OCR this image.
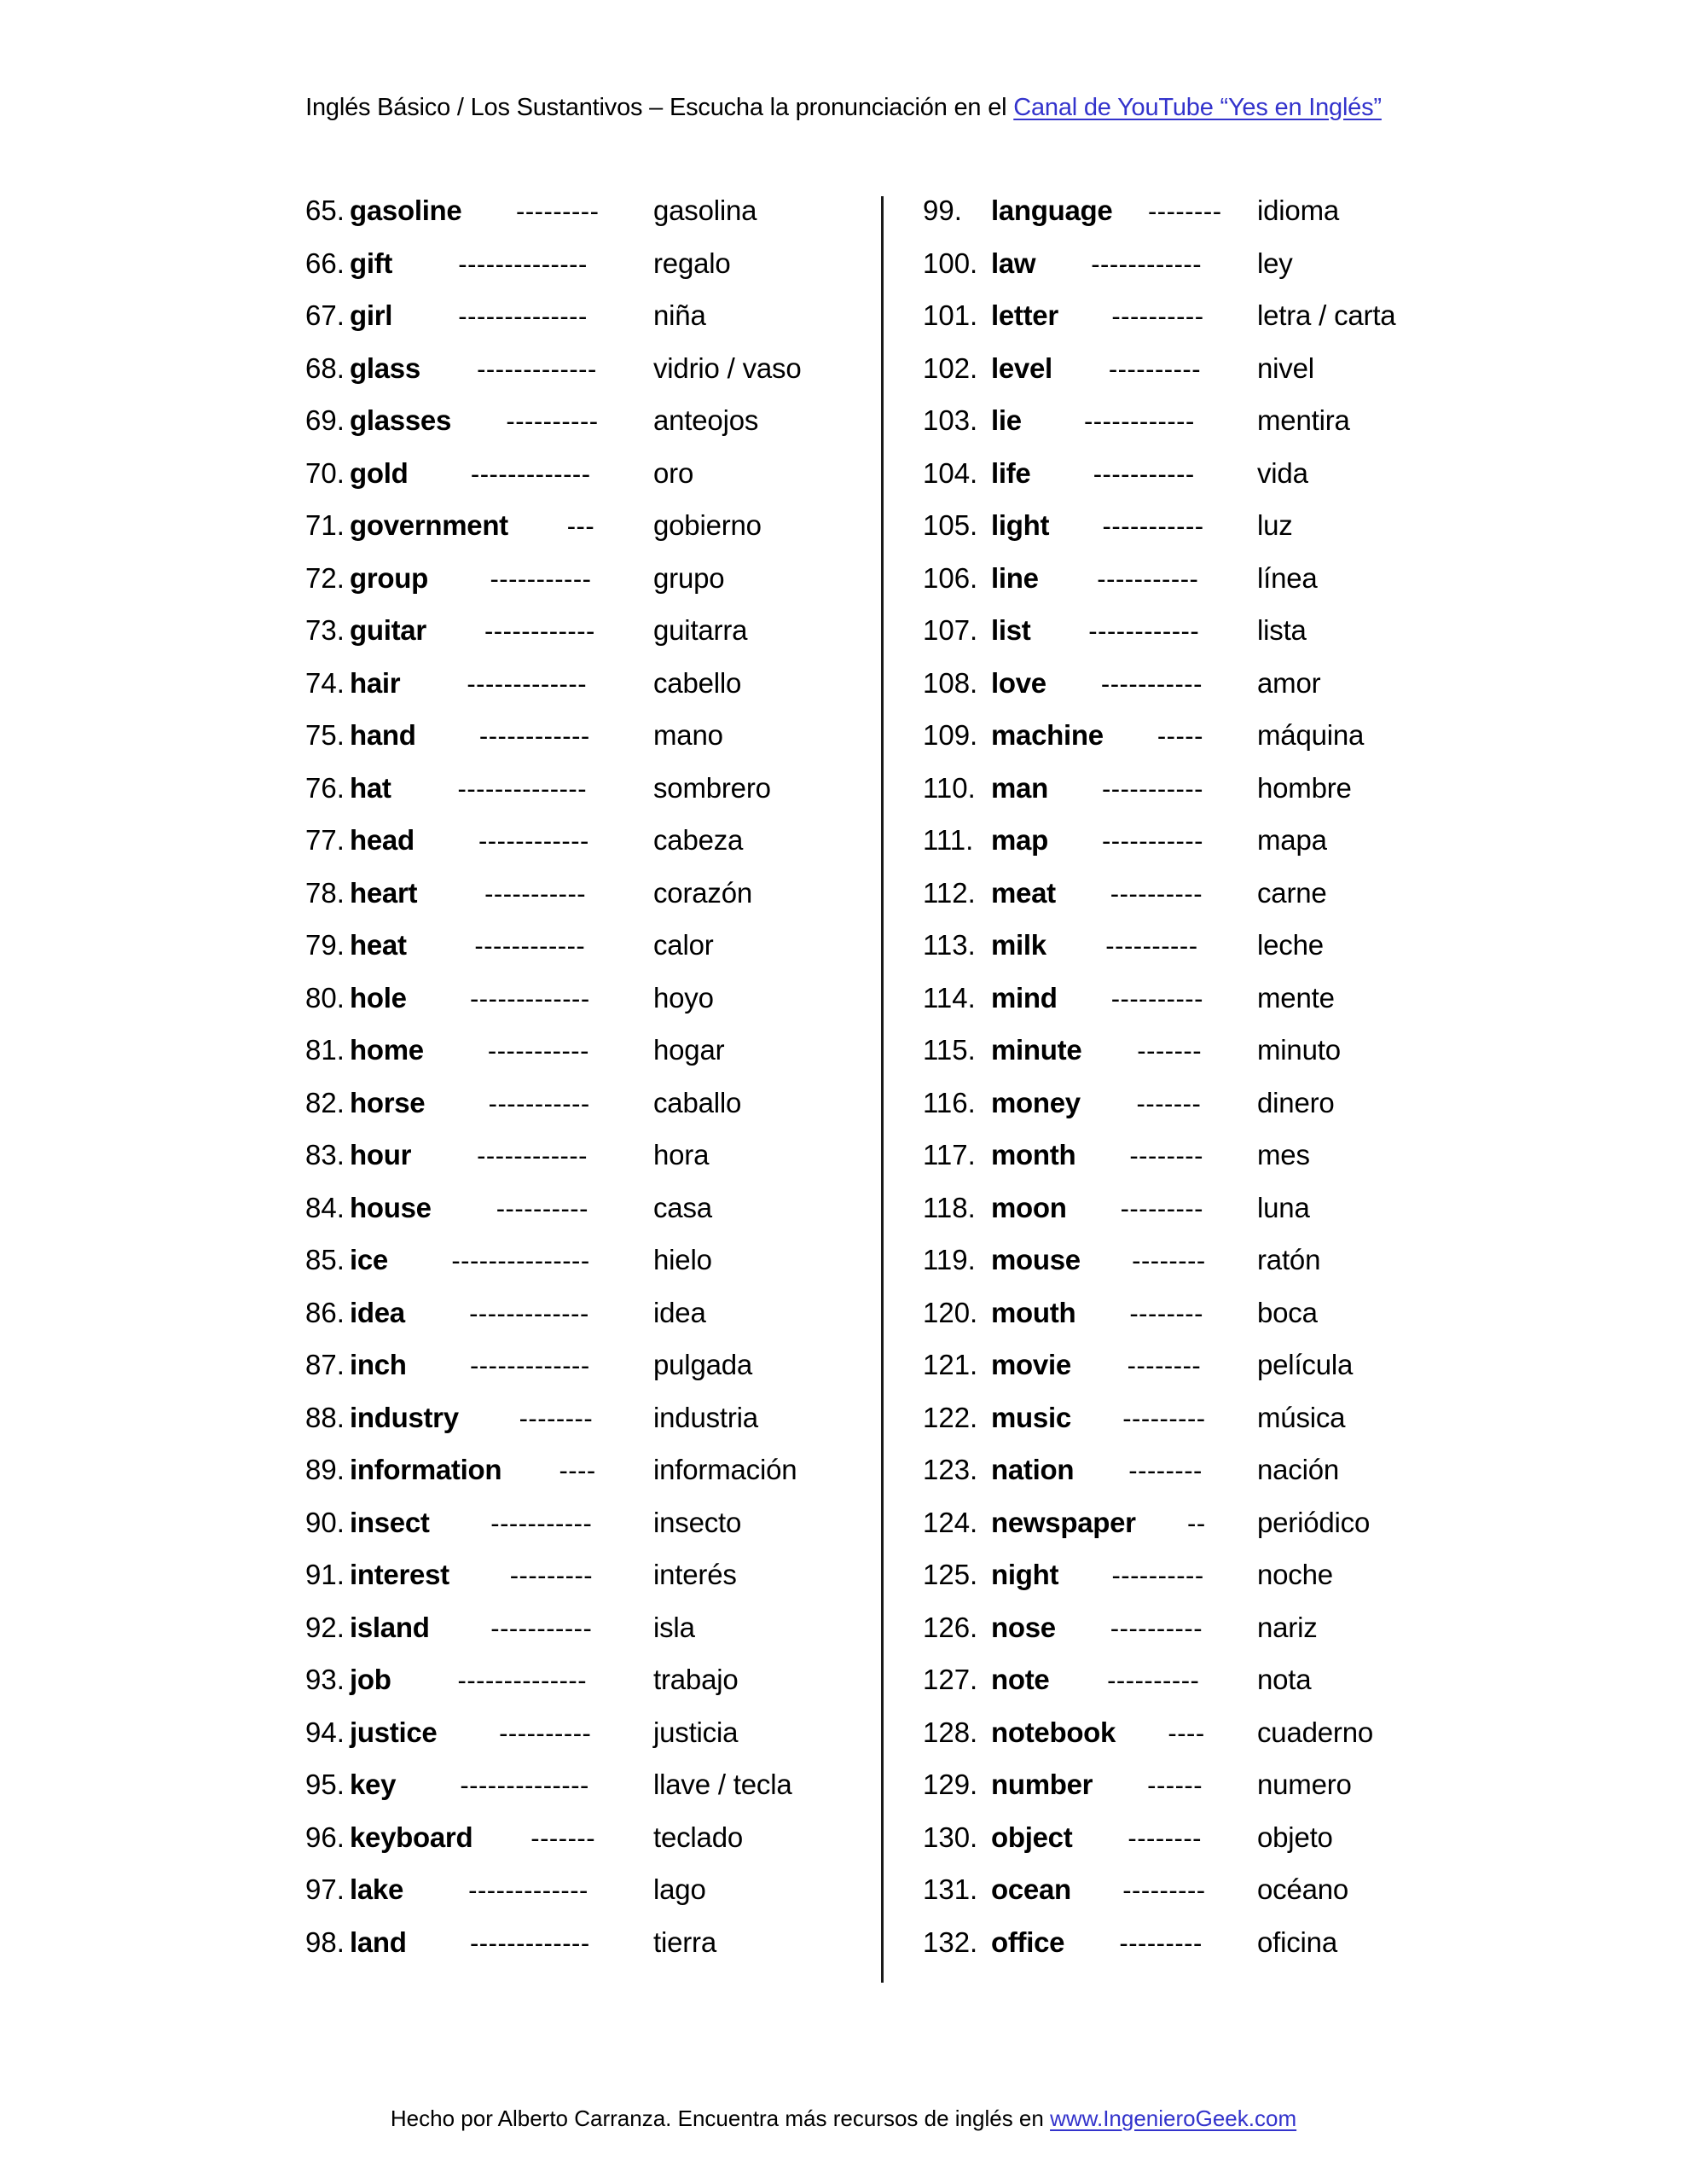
Inglés Básico / Los Sustantivos – Escucha la pronunciación en el Canal de YouTube “Yes en Inglés”
65. gasoline	---------	gasolina
66. gift	--------------	regalo
67. girl	--------------	niña
68. glass	-------------	vidrio / vaso
69. glasses	----------	anteojos
70. gold	-------------	oro
71. government	---	gobierno
72. group	-----------	grupo
73. guitar	------------	guitarra
74. hair	-------------	cabello
75. hand	------------	mano
76. hat	--------------	sombrero
77. head	------------	cabeza
78. heart	-----------	corazón
79. heat	------------	calor
80. hole	-------------	hoyo
81. home	-----------	hogar
82. horse	-----------	caballo
83. hour	------------	hora
84. house	----------	casa
85. ice	---------------	hielo
86. idea	-------------	idea
87. inch	-------------	pulgada
88. industry	--------	industria
89. information	----	información
90. insect	-----------	insecto
91. interest	---------	interés
92. island	-----------	isla
93. job	--------------	trabajo
94. justice	----------	justicia
95. key	--------------	llave / tecla
96. keyboard	-------	teclado
97. lake	-------------	lago
98. land	-------------	tierra
99.	language	--------	idioma
100. law	------------	ley
101. letter	----------	letra / carta
102. level	----------	nivel
103. lie	------------	mentira
104. life	-----------	vida
105. light	-----------	luz
106. line	-----------	línea
107. list	------------	lista
108. love	-----------	amor
109. machine	-----	máquina
110. man	-----------	hombre
111. map	-----------	mapa
112. meat	----------	carne
113. milk	----------	leche
114. mind	----------	mente
115. minute	-------	minuto
116. money	-------	dinero
117. month	--------	mes
118. moon	---------	luna
119. mouse	--------	ratón
120. mouth	--------	boca
121. movie	--------	película
122. music	---------	música
123. nation	--------	nación
124. newspaper	--	periódico
125. night	----------	noche
126. nose	----------	nariz
127. note	----------	nota
128. notebook	----	cuaderno
129. number	------	numero
130. object	--------	objeto
131. ocean	---------	océano
132. office	---------	oficina
Hecho por Alberto Carranza. Encuentra más recursos de inglés en www.IngenieroGeek.com
